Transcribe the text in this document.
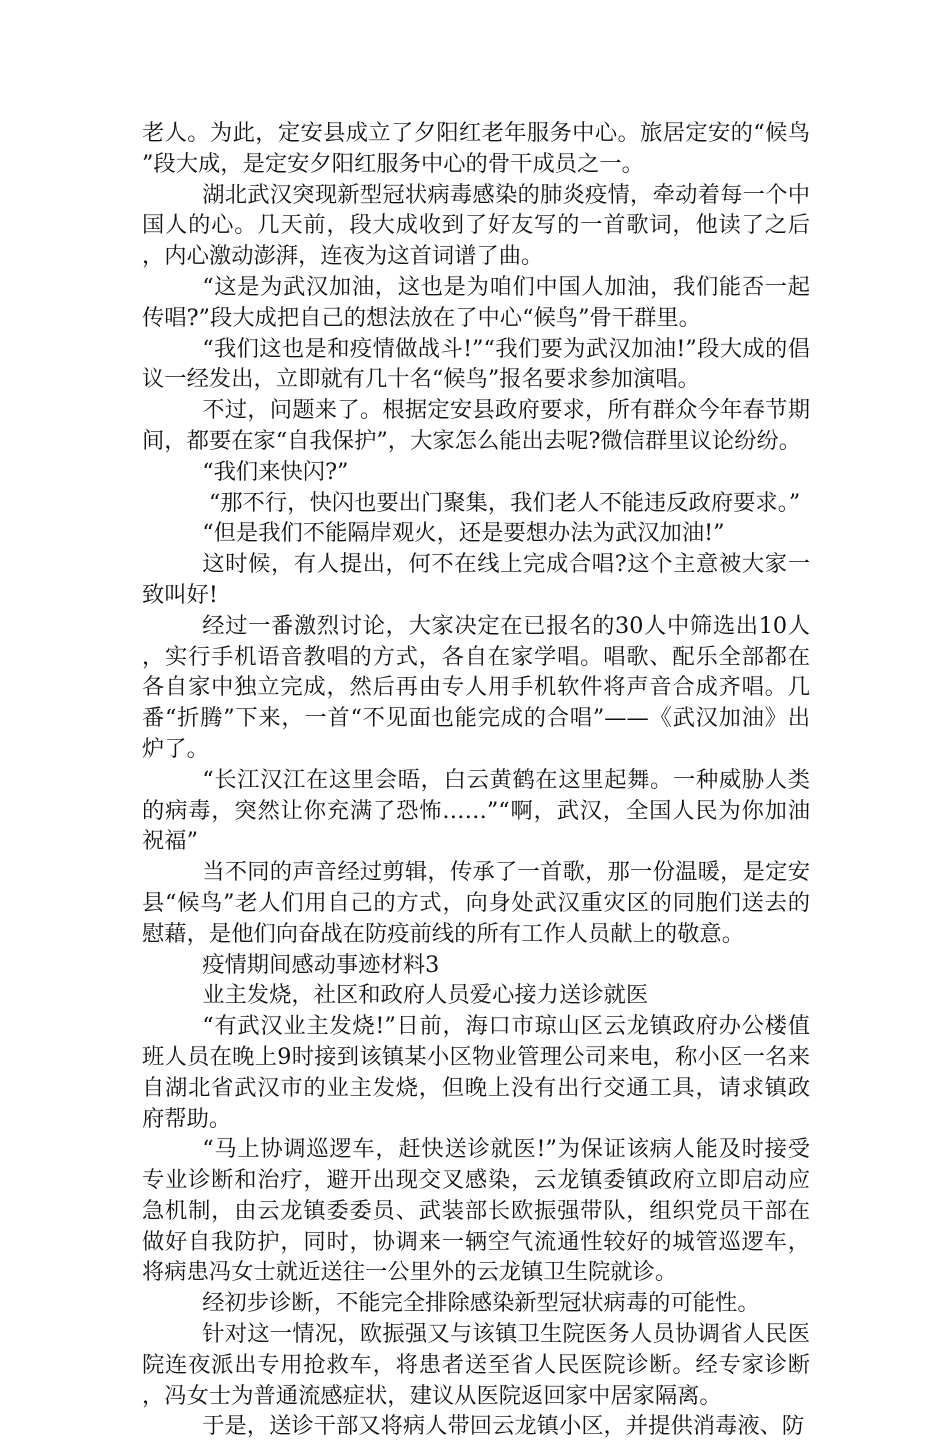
老人。为此，定安县成立了夕阳红老年服务中心。旅居定安的“候鸟”段大成，是定安夕阳红服务中心的骨干成员之一。

湖北武汉突现新型冠状病毒感染的肺炎疫情，牵动着每一个中国人的心。几天前，段大成收到了好友写的一首歌词，他读了之后，内心激动澎湃，连夜为这首词谱了曲。

“这是为武汉加油，这也是为咱们中国人加油，我们能否一起传唱?”段大成把自己的想法放在了中心“候鸟”骨干群里。

“我们这也是和疫情做战斗!”“我们要为武汉加油!”段大成的倡议一经发出，立即就有几十名“候鸟”报名要求参加演唱。

不过，问题来了。根据定安县政府要求，所有群众今年春节期间，都要在家“自我保护”，大家怎么能出去呢?微信群里议论纷纷。

“我们来快闪?”

“那不行，快闪也要出门聚集，我们老人不能违反政府要求。”

“但是我们不能隔岸观火，还是要想办法为武汉加油!”

这时候，有人提出，何不在线上完成合唱?这个主意被大家一致叫好!

经过一番激烈讨论，大家决定在已报名的30人中筛选出10人，实行手机语音教唱的方式，各自在家学唱。唱歌、配乐全部都在各自家中独立完成，然后再由专人用手机软件将声音合成齐唱。几番“折腾”下来，一首“不见面也能完成的合唱”——《武汉加油》出炉了。

“长江汉江在这里会晤，白云黄鹤在这里起舞。一种威胁人类的病毒，突然让你充满了恐怖……”“啊，武汉，全国人民为你加油祝福”

当不同的声音经过剪辑，传承了一首歌，那一份温暖，是定安县“候鸟”老人们用自己的方式，向身处武汉重灾区的同胞们送去的慰藉，是他们向奋战在防疫前线的所有工作人员献上的敬意。

疫情期间感动事迹材料3

业主发烧，社区和政府人员爱心接力送诊就医

“有武汉业主发烧!”日前，海口市琼山区云龙镇政府办公楼值班人员在晚上9时接到该镇某小区物业管理公司来电，称小区一名来自湖北省武汉市的业主发烧，但晚上没有出行交通工具，请求镇政府帮助。

“马上协调巡逻车，赶快送诊就医!”为保证该病人能及时接受专业诊断和治疗，避开出现交叉感染，云龙镇委镇政府立即启动应急机制，由云龙镇委委员、武装部长欧振强带队，组织党员干部在做好自我防护，同时，协调来一辆空气流通性较好的城管巡逻车，将病患冯女士就近送往一公里外的云龙镇卫生院就诊。

经初步诊断，不能完全排除感染新型冠状病毒的可能性。

针对这一情况，欧振强又与该镇卫生院医务人员协调省人民医院连夜派出专用抢救车，将患者送至省人民医院诊断。经专家诊断，冯女士为普通流感症状，建议从医院返回家中居家隔离。

于是，送诊干部又将病人带回云龙镇小区，并提供消毒液、防
